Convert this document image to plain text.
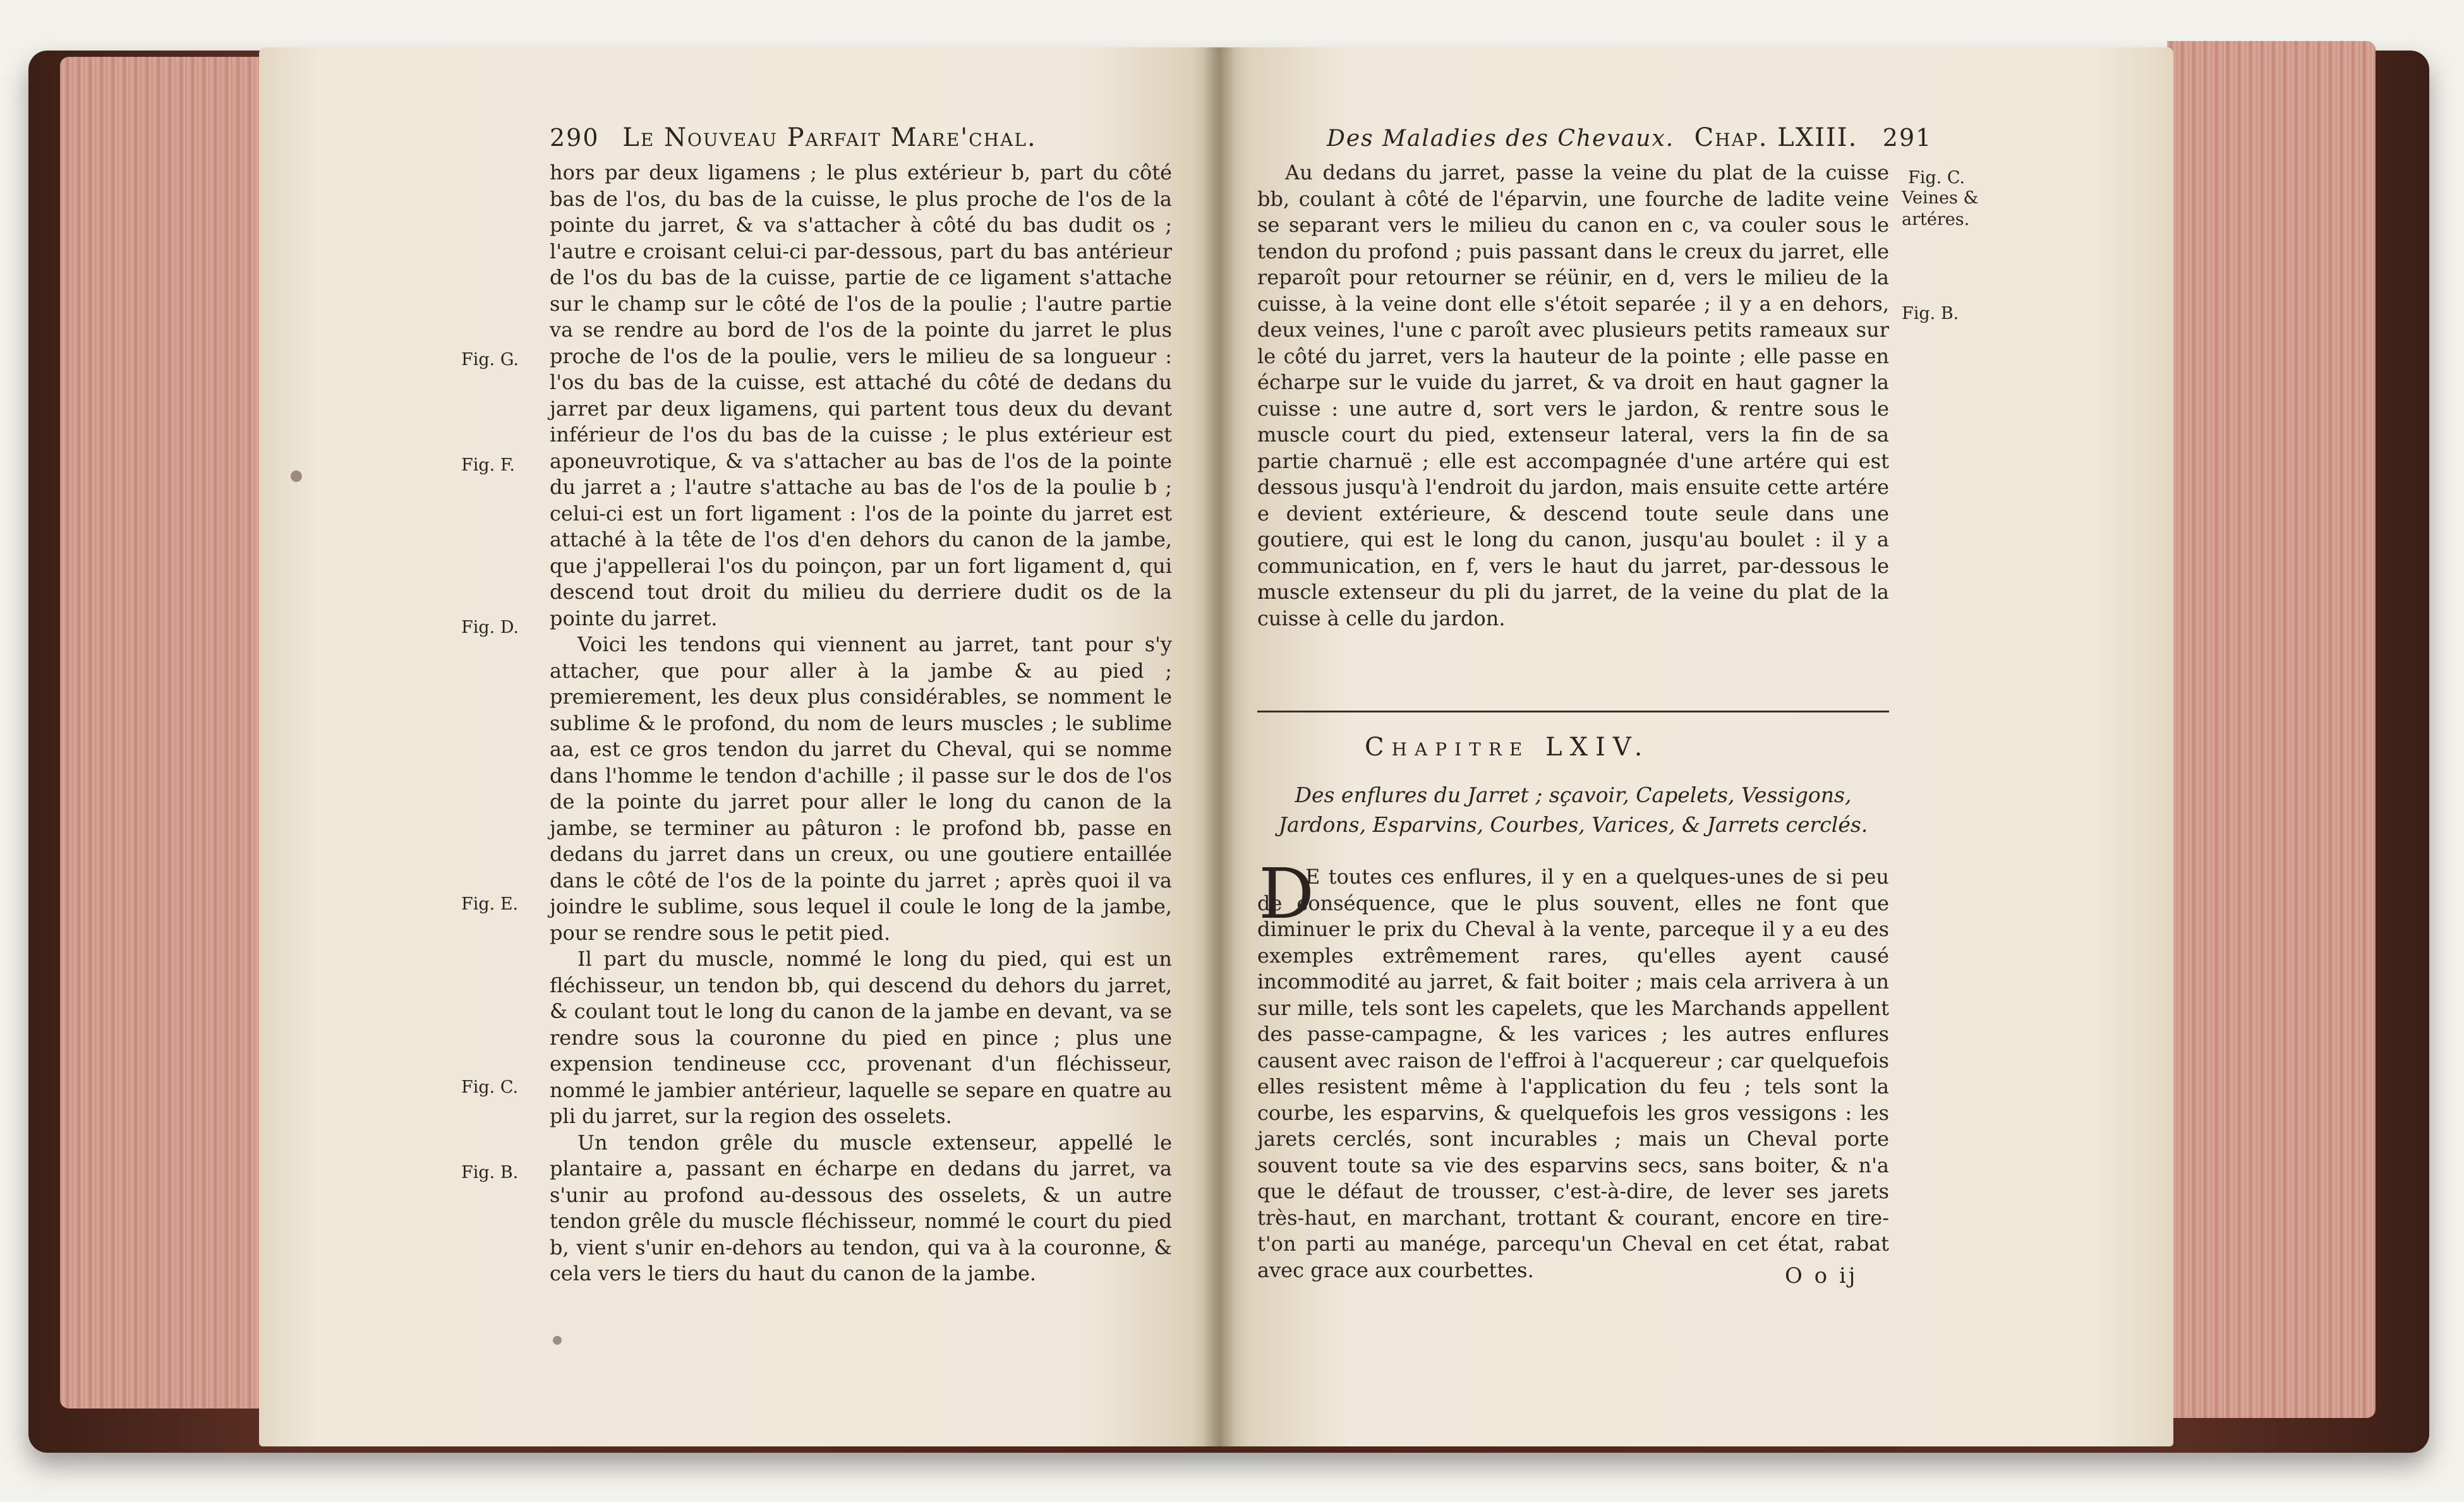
290 Le Nouveau Parfait Mare'chal.
Fig. G.
Fig. F.
Fig. D.
Fig. E.
Fig. C.
Fig. B.

hors par deux ligamens ; le plus extérieur b, part du côté bas de l'os, du bas de la cuisse, le plus proche de l'os de la pointe du jarret, & va s'attacher à côté du bas dudit os ; l'autre e croisant celui-ci par-dessous, part du bas antérieur de l'os du bas de la cuisse, partie de ce ligament s'attache sur le champ sur le côté de l'os de la poulie ; l'autre partie va se rendre au bord de l'os de la pointe du jarret le plus proche de l'os de la poulie, vers le milieu de sa longueur : l'os du bas de la cuisse, est attaché du côté de dedans du jarret par deux ligamens, qui partent tous deux du devant inférieur de l'os du bas de la cuisse ; le plus extérieur est aponeuvrotique, & va s'attacher au bas de l'os de la pointe du jarret a ; l'autre s'attache au bas de l'os de la poulie b ; celui-ci est un fort ligament : l'os de la pointe du jarret est attaché à la tête de l'os d'en dehors du canon de la jambe, que j'appellerai l'os du poinçon, par un fort ligament d, qui descend tout droit du milieu du derriere dudit os de la pointe du jarret.

Voici les tendons qui viennent au jarret, tant pour s'y attacher, que pour aller à la jambe & au pied ; premierement, les deux plus considérables, se nomment le sublime & le profond, du nom de leurs muscles ; le sublime aa, est ce gros tendon du jarret du Cheval, qui se nomme dans l'homme le tendon d'achille ; il passe sur le dos de l'os de la pointe du jarret pour aller le long du canon de la jambe, se terminer au pâturon : le profond bb, passe en dedans du jarret dans un creux, ou une goutiere entaillée dans le côté de l'os de la pointe du jarret ; après quoi il va joindre le sublime, sous lequel il coule le long de la jambe, pour se rendre sous le petit pied.

Il part du muscle, nommé le long du pied, qui est un fléchisseur, un tendon bb, qui descend du dehors du jarret, & coulant tout le long du canon de la jambe en devant, va se rendre sous la couronne du pied en pince ; plus une expension tendineuse ccc, provenant d'un fléchisseur, nommé le jambier antérieur, laquelle se separe en quatre au pli du jarret, sur la region des osselets.

Un tendon grêle du muscle extenseur, appellé le plantaire a, passant en écharpe en dedans du jarret, va s'unir au profond au-dessous des osselets, & un autre tendon grêle du muscle fléchisseur, nommé le court du pied b, vient s'unir en-dehors au tendon, qui va à la couronne, & cela vers le tiers du haut du canon de la jambe.

Des Maladies des Chevaux. Chap. LXIII. 291
Fig. C.
Veines &
artéres.
Fig. B.

Au dedans du jarret, passe la veine du plat de la cuisse bb, coulant à côté de l'éparvin, une fourche de ladite veine se separant vers le milieu du canon en c, va couler sous le tendon du profond ; puis passant dans le creux du jarret, elle reparoît pour retourner se réünir, en d, vers le milieu de la cuisse, à la veine dont elle s'étoit separée ; il y a en dehors, deux veines, l'une c paroît avec plusieurs petits rameaux sur le côté du jarret, vers la hauteur de la pointe ; elle passe en écharpe sur le vuide du jarret, & va droit en haut gagner la cuisse : une autre d, sort vers le jardon, & rentre sous le muscle court du pied, extenseur lateral, vers la fin de sa partie charnuë ; elle est accompagnée d'une artére qui est dessous jusqu'à l'endroit du jardon, mais ensuite cette artére e devient extérieure, & descend toute seule dans une goutiere, qui est le long du canon, jusqu'au boulet : il y a communication, en f, vers le haut du jarret, par-dessous le muscle extenseur du pli du jarret, de la veine du plat de la cuisse à celle du jardon.

Chapitre LXIV.
Des enflures du Jarret ; sçavoir, Capelets, Vessigons, Jardons, Esparvins, Courbes, Varices, & Jarrets cerclés.
D

E toutes ces enflures, il y en a quelques-unes de si peu de conséquence, que le plus souvent, elles ne font que diminuer le prix du Cheval à la vente, parceque il y a eu des exemples extrêmement rares, qu'elles ayent causé incommodité au jarret, & fait boiter ; mais cela arrivera à un sur mille, tels sont les capelets, que les Marchands appellent des passe-campagne, & les varices ; les autres enflures causent avec raison de l'effroi à l'acquereur ; car quelquefois elles resistent même à l'application du feu ; tels sont la courbe, les esparvins, & quelquefois les gros vessigons : les jarets cerclés, sont incurables ; mais un Cheval porte souvent toute sa vie des esparvins secs, sans boiter, & n'a que le défaut de trousser, c'est-à-dire, de lever ses jarets très-haut, en marchant, trottant & courant, encore en tire-t'on parti au manége, parcequ'un Cheval en cet état, rabat avec grace aux courbettes.	O o ij
